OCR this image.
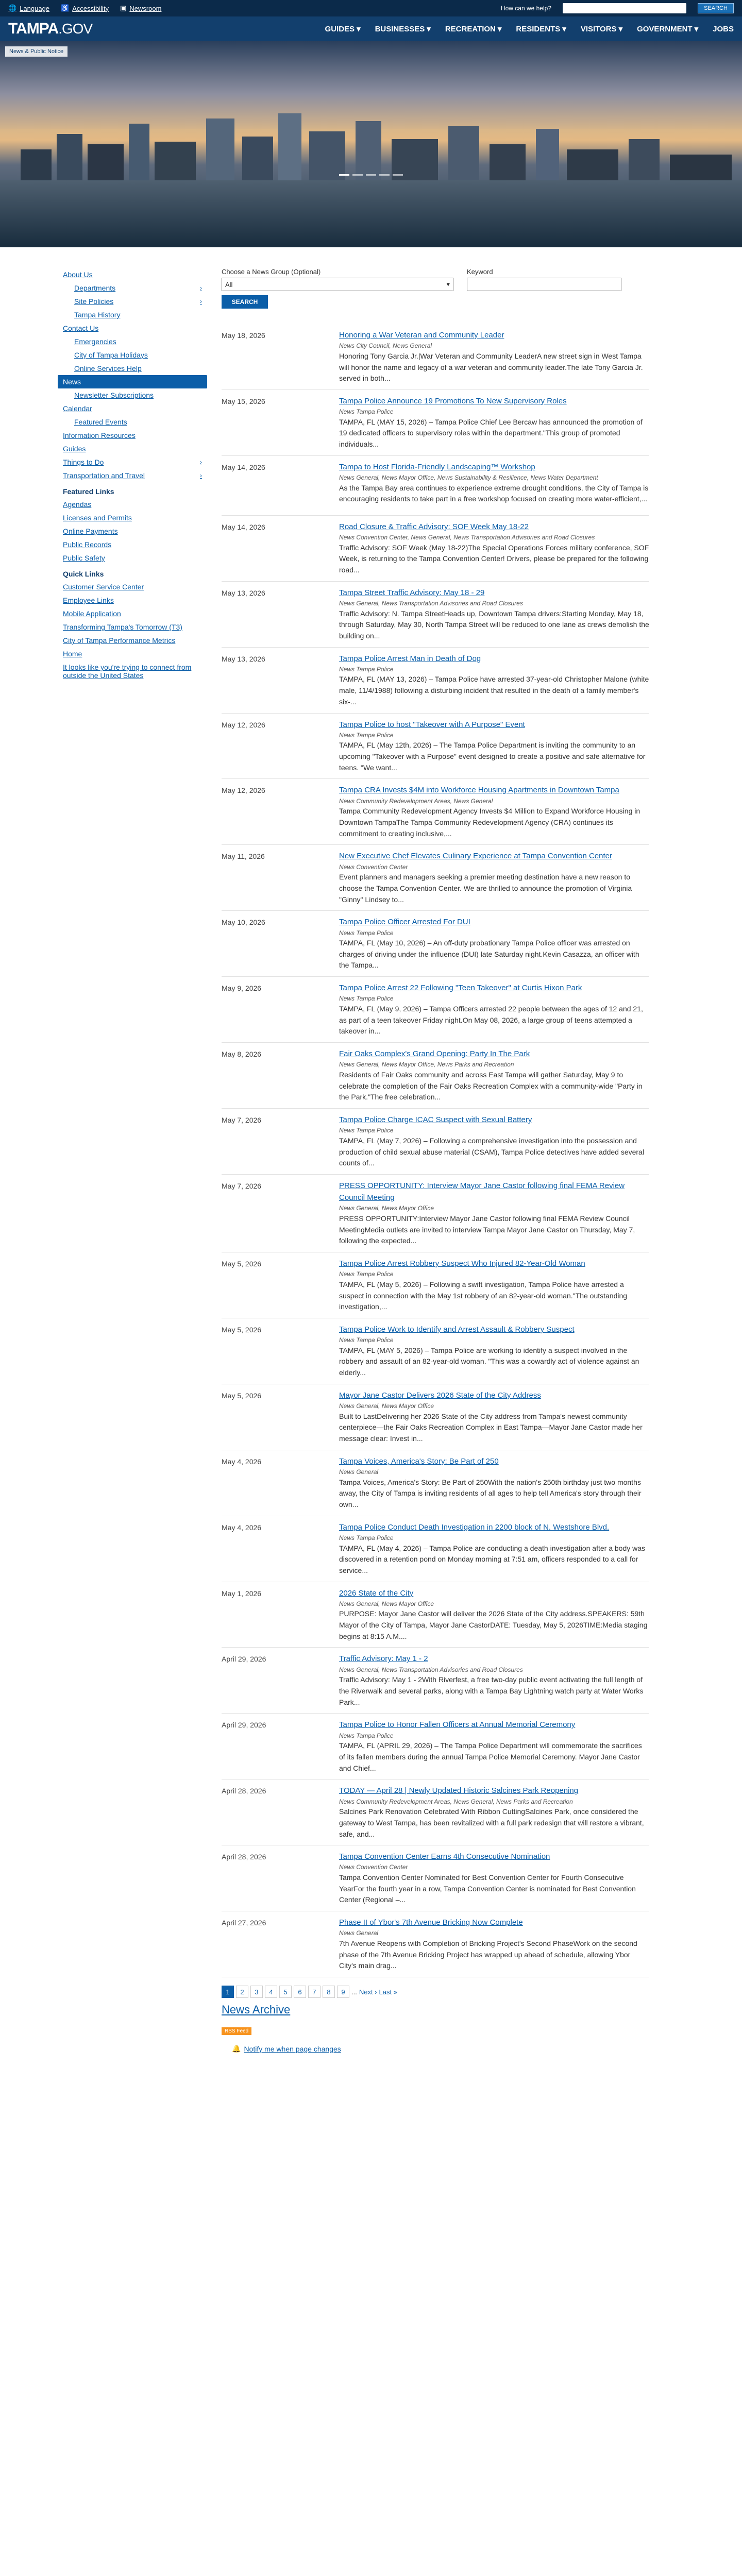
🌐 Language ♿ Accessibility ▣ Newsroom	How can we help?	SEARCH
TAMPA.GOV	GUIDES ▾ BUSINESSES ▾ RECREATION ▾ RESIDENTS ▾ VISITORS ▾ GOVERNMENT ▾ JOBS
News & Public Notice
About Us
Departments	›
Site Policies	›
Tampa History
Contact Us
Emergencies
City of Tampa Holidays
Online Services Help
News
Newsletter Subscriptions
Calendar
Featured Events
Information Resources
Guides
Things to Do	›
Transportation and Travel	›
Featured Links
Agendas
Licenses and Permits
Online Payments
Public Records
Public Safety
Quick Links
Customer Service Center
Employee Links
Mobile Application
Transforming Tampa's Tomorrow (T3)
City of Tampa Performance Metrics
Home
It looks like you're trying to connect from outside the United States
Choose a News Group (Optional)
All	▾
SEARCH
Keyword
May 18, 2026	Honoring a War Veteran and Community Leader
News City Council, News General
Honoring Tony Garcia Jr.|War Veteran and Community LeaderA new street sign in West Tampa will honor the name and legacy of a war veteran and community leader.The late Tony Garcia Jr. served in both...
May 15, 2026	Tampa Police Announce 19 Promotions To New Supervisory Roles
News Tampa Police
TAMPA, FL (MAY 15, 2026) – Tampa Police Chief Lee Bercaw has announced the promotion of 19 dedicated officers to supervisory roles within the department."This group of promoted individuals...
May 14, 2026	Tampa to Host Florida-Friendly Landscaping™ Workshop
News General, News Mayor Office, News Sustainability & Resilience, News Water Department
As the Tampa Bay area continues to experience extreme drought conditions, the City of Tampa is encouraging residents to take part in a free workshop focused on creating more water-efficient,...
May 14, 2026	Road Closure & Traffic Advisory: SOF Week May 18-22
News Convention Center, News General, News Transportation Advisories and Road Closures
Traffic Advisory: SOF Week (May 18-22)The Special Operations Forces military conference, SOF Week, is returning to the Tampa Convention Center! Drivers, please be prepared for the following road...
May 13, 2026	Tampa Street Traffic Advisory: May 18 - 29
News General, News Transportation Advisories and Road Closures
Traffic Advisory: N. Tampa StreetHeads up, Downtown Tampa drivers:Starting Monday, May 18, through Saturday, May 30, North Tampa Street will be reduced to one lane as crews demolish the building on...
May 13, 2026	Tampa Police Arrest Man in Death of Dog
News Tampa Police
TAMPA, FL (MAY 13, 2026) – Tampa Police have arrested 37-year-old Christopher Malone (white male, 11/4/1988) following a disturbing incident that resulted in the death of a family member's six-...
May 12, 2026	Tampa Police to host "Takeover with A Purpose" Event
News Tampa Police
TAMPA, FL (May 12th, 2026) – The Tampa Police Department is inviting the community to an upcoming "Takeover with a Purpose" event designed to create a positive and safe alternative for teens. "We want...
May 12, 2026	Tampa CRA Invests $4M into Workforce Housing Apartments in Downtown Tampa
News Community Redevelopment Areas, News General
Tampa Community Redevelopment Agency Invests $4 Million to Expand Workforce Housing in Downtown TampaThe Tampa Community Redevelopment Agency (CRA) continues its commitment to creating inclusive,...
May 11, 2026	New Executive Chef Elevates Culinary Experience at Tampa Convention Center
News Convention Center
Event planners and managers seeking a premier meeting destination have a new reason to choose the Tampa Convention Center. We are thrilled to announce the promotion of Virginia "Ginny" Lindsey to...
May 10, 2026	Tampa Police Officer Arrested For DUI
News Tampa Police
TAMPA, FL (May 10, 2026) – An off-duty probationary Tampa Police officer was arrested on charges of driving under the influence (DUI) late Saturday night.Kevin Casazza, an officer with the Tampa...
May 9, 2026	Tampa Police Arrest 22 Following "Teen Takeover" at Curtis Hixon Park
News Tampa Police
TAMPA, FL (May 9, 2026) – Tampa Officers arrested 22 people between the ages of 12 and 21, as part of a teen takeover Friday night.On May 08, 2026, a large group of teens attempted a takeover in...
May 8, 2026	Fair Oaks Complex's Grand Opening: Party In The Park
News General, News Mayor Office, News Parks and Recreation
Residents of Fair Oaks community and across East Tampa will gather Saturday, May 9 to celebrate the completion of the Fair Oaks Recreation Complex with a community-wide "Party in the Park."The free celebration...
May 7, 2026	Tampa Police Charge ICAC Suspect with Sexual Battery
News Tampa Police
TAMPA, FL (May 7, 2026) – Following a comprehensive investigation into the possession and production of child sexual abuse material (CSAM), Tampa Police detectives have added several counts of...
May 7, 2026	PRESS OPPORTUNITY: Interview Mayor Jane Castor following final FEMA Review Council Meeting
News General, News Mayor Office
PRESS OPPORTUNITY:Interview Mayor Jane Castor following final FEMA Review Council MeetingMedia outlets are invited to interview Tampa Mayor Jane Castor on Thursday, May 7, following the expected...
May 5, 2026	Tampa Police Arrest Robbery Suspect Who Injured 82-Year-Old Woman
News Tampa Police
TAMPA, FL (May 5, 2026) – Following a swift investigation, Tampa Police have arrested a suspect in connection with the May 1st robbery of an 82-year-old woman."The outstanding investigation,...
May 5, 2026	Tampa Police Work to Identify and Arrest Assault & Robbery Suspect
News Tampa Police
TAMPA, FL (MAY 5, 2026) – Tampa Police are working to identify a suspect involved in the robbery and assault of an 82-year-old woman. "This was a cowardly act of violence against an elderly...
May 5, 2026	Mayor Jane Castor Delivers 2026 State of the City Address
News General, News Mayor Office
Built to LastDelivering her 2026 State of the City address from Tampa's newest community centerpiece—the Fair Oaks Recreation Complex in East Tampa—Mayor Jane Castor made her message clear: Invest in...
May 4, 2026	Tampa Voices, America's Story: Be Part of 250
News General
Tampa Voices, America's Story: Be Part of 250With the nation's 250th birthday just two months away, the City of Tampa is inviting residents of all ages to help tell America's story through their own...
May 4, 2026	Tampa Police Conduct Death Investigation in 2200 block of N. Westshore Blvd.
News Tampa Police
TAMPA, FL (May 4, 2026) – Tampa Police are conducting a death investigation after a body was discovered in a retention pond on Monday morning at 7:51 am, officers responded to a call for service...
May 1, 2026	2026 State of the City
News General, News Mayor Office
PURPOSE: Mayor Jane Castor will deliver the 2026 State of the City address.SPEAKERS: 59th Mayor of the City of Tampa, Mayor Jane CastorDATE: Tuesday, May 5, 2026TIME:Media staging begins at 8:15 A.M....
April 29, 2026	Traffic Advisory: May 1 - 2
News General, News Transportation Advisories and Road Closures
Traffic Advisory: May 1 - 2With Riverfest, a free two-day public event activating the full length of the Riverwalk and several parks, along with a Tampa Bay Lightning watch party at Water Works Park...
April 29, 2026	Tampa Police to Honor Fallen Officers at Annual Memorial Ceremony
News Tampa Police
TAMPA, FL (APRIL 29, 2026) – The Tampa Police Department will commemorate the sacrifices of its fallen members during the annual Tampa Police Memorial Ceremony. Mayor Jane Castor and Chief...
April 28, 2026	TODAY — April 28 | Newly Updated Historic Salcines Park Reopening
News Community Redevelopment Areas, News General, News Parks and Recreation
Salcines Park Renovation Celebrated With Ribbon CuttingSalcines Park, once considered the gateway to West Tampa, has been revitalized with a full park redesign that will restore a vibrant, safe, and...
April 28, 2026	Tampa Convention Center Earns 4th Consecutive Nomination
News Convention Center
Tampa Convention Center Nominated for Best Convention Center for Fourth Consecutive YearFor the fourth year in a row, Tampa Convention Center is nominated for Best Convention Center (Regional –...
April 27, 2026	Phase II of Ybor's 7th Avenue Bricking Now Complete
News General
7th Avenue Reopens with Completion of Bricking Project's Second PhaseWork on the second phase of the 7th Avenue Bricking Project has wrapped up ahead of schedule, allowing Ybor City's main drag...
1	2	3	4	5	6	7	8	9 ... Next › Last »
News Archive
RSS Feed
🔔 Notify me when page changes
